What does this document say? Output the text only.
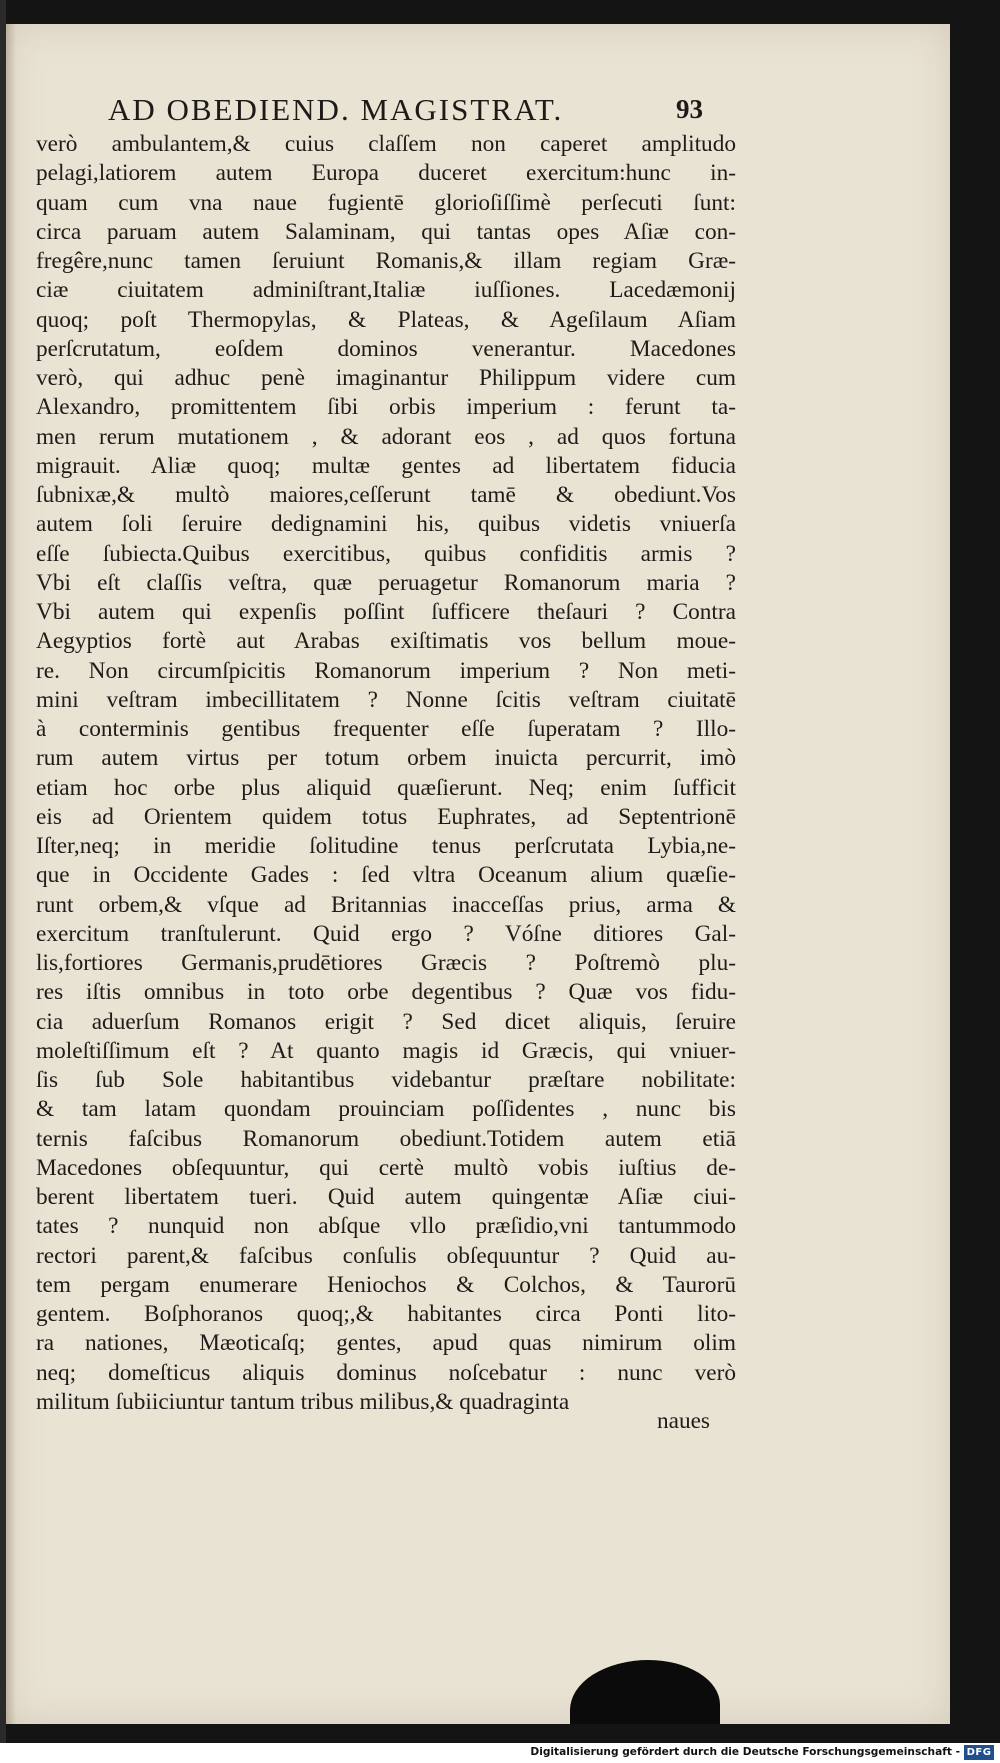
AD OBEDIEND. MAGISTRAT.	93
verò ambulantem,& cuius claſſem non caperet amplitudo
pelagi,latiorem autem Europa duceret exercitum:hunc in-
quam cum vna naue fugientē glorioſiſſimè perſecuti ſunt:
circa paruam autem Salaminam, qui tantas opes Aſiæ con-
fregêre,nunc tamen ſeruiunt Romanis,& illam regiam Græ-
ciæ ciuitatem adminiſtrant,Italiæ iuſſiones. Lacedæmonij
quoq; poſt Thermopylas, & Plateas, & Ageſilaum Aſiam
perſcrutatum, eoſdem dominos venerantur. Macedones
verò, qui adhuc penè imaginantur Philippum videre cum
Alexandro, promittentem ſibi orbis imperium : ferunt ta-
men rerum mutationem , & adorant eos , ad quos fortuna
migrauit. Aliæ quoq; multæ gentes ad libertatem fiducia
ſubnixæ,& multò maiores,ceſſerunt tamē & obediunt.Vos
autem ſoli ſeruire dedignamini his, quibus videtis vniuerſa
eſſe ſubiecta.Quibus exercitibus, quibus confiditis armis ?
Vbi eſt claſſis veſtra, quæ peruagetur Romanorum maria ?
Vbi autem qui expenſis poſſint ſufficere theſauri ? Contra
Aegyptios fortè aut Arabas exiſtimatis vos bellum moue-
re. Non circumſpicitis Romanorum imperium ? Non meti-
mini veſtram imbecillitatem ? Nonne ſcitis veſtram ciuitatē
à conterminis gentibus frequenter eſſe ſuperatam ? Illo-
rum autem virtus per totum orbem inuicta percurrit, imò
etiam hoc orbe plus aliquid quæſierunt. Neq; enim ſufficit
eis ad Orientem quidem totus Euphrates, ad Septentrionē
Iſter,neq; in meridie ſolitudine tenus perſcrutata Lybia,ne-
que in Occidente Gades : ſed vltra Oceanum alium quæſie-
runt orbem,& vſque ad Britannias inacceſſas prius, arma &
exercitum tranſtulerunt. Quid ergo ? Vóſne ditiores Gal-
lis,fortiores Germanis,prudētiores Græcis ? Poſtremò plu-
res iſtis omnibus in toto orbe degentibus ? Quæ vos fidu-
cia aduerſum Romanos erigit ? Sed dicet aliquis, ſeruire
moleſtiſſimum eſt ? At quanto magis id Græcis, qui vniuer-
ſis ſub Sole habitantibus videbantur præſtare nobilitate:
& tam latam quondam prouinciam poſſidentes , nunc bis
ternis faſcibus Romanorum obediunt.Totidem autem etiā
Macedones obſequuntur, qui certè multò vobis iuſtius de-
berent libertatem tueri. Quid autem quingentæ Aſiæ ciui-
tates ? nunquid non abſque vllo præſidio,vni tantummodo
rectori parent,& faſcibus conſulis obſequuntur ? Quid au-
tem pergam enumerare Heniochos & Colchos, & Taurorū
gentem. Boſphoranos quoq;,& habitantes circa Ponti lito-
ra nationes, Mæoticaſq; gentes, apud quas nimirum olim
neq; domeſticus aliquis dominus noſcebatur : nunc verò
militum ſubiiciuntur tantum tribus milibus,& quadraginta
naues
Digitalisierung gefördert durch die Deutsche Forschungsgemeinschaft - DFG
